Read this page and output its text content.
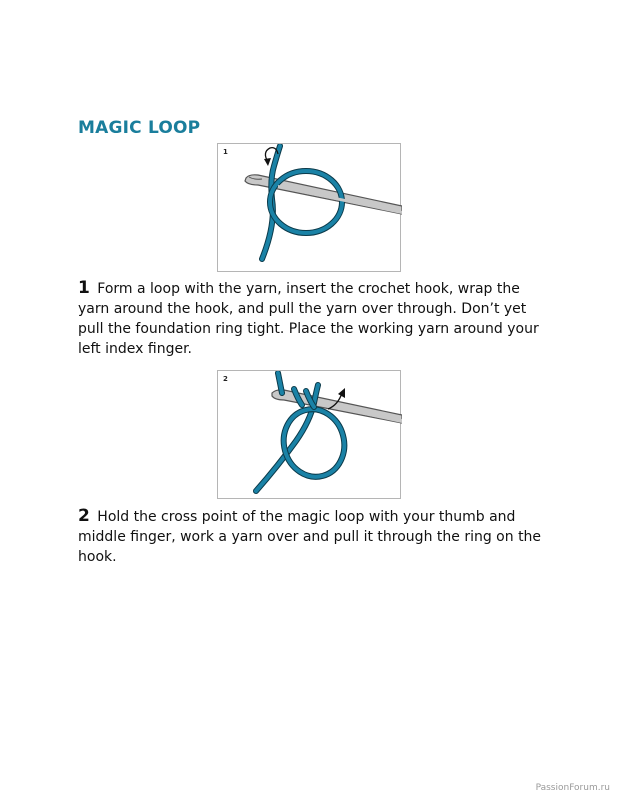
MAGIC LOOP
1

1 Form a loop with the yarn, insert the crochet hook, wrap the yarn around the hook, and pull the yarn over through. Don’t yet pull the foundation ring tight. Place the working yarn around your left index finger.

2

2 Hold the cross point of the magic loop with your thumb and middle finger, work a yarn over and pull it through the ring on the hook.

PassionForum.ru
